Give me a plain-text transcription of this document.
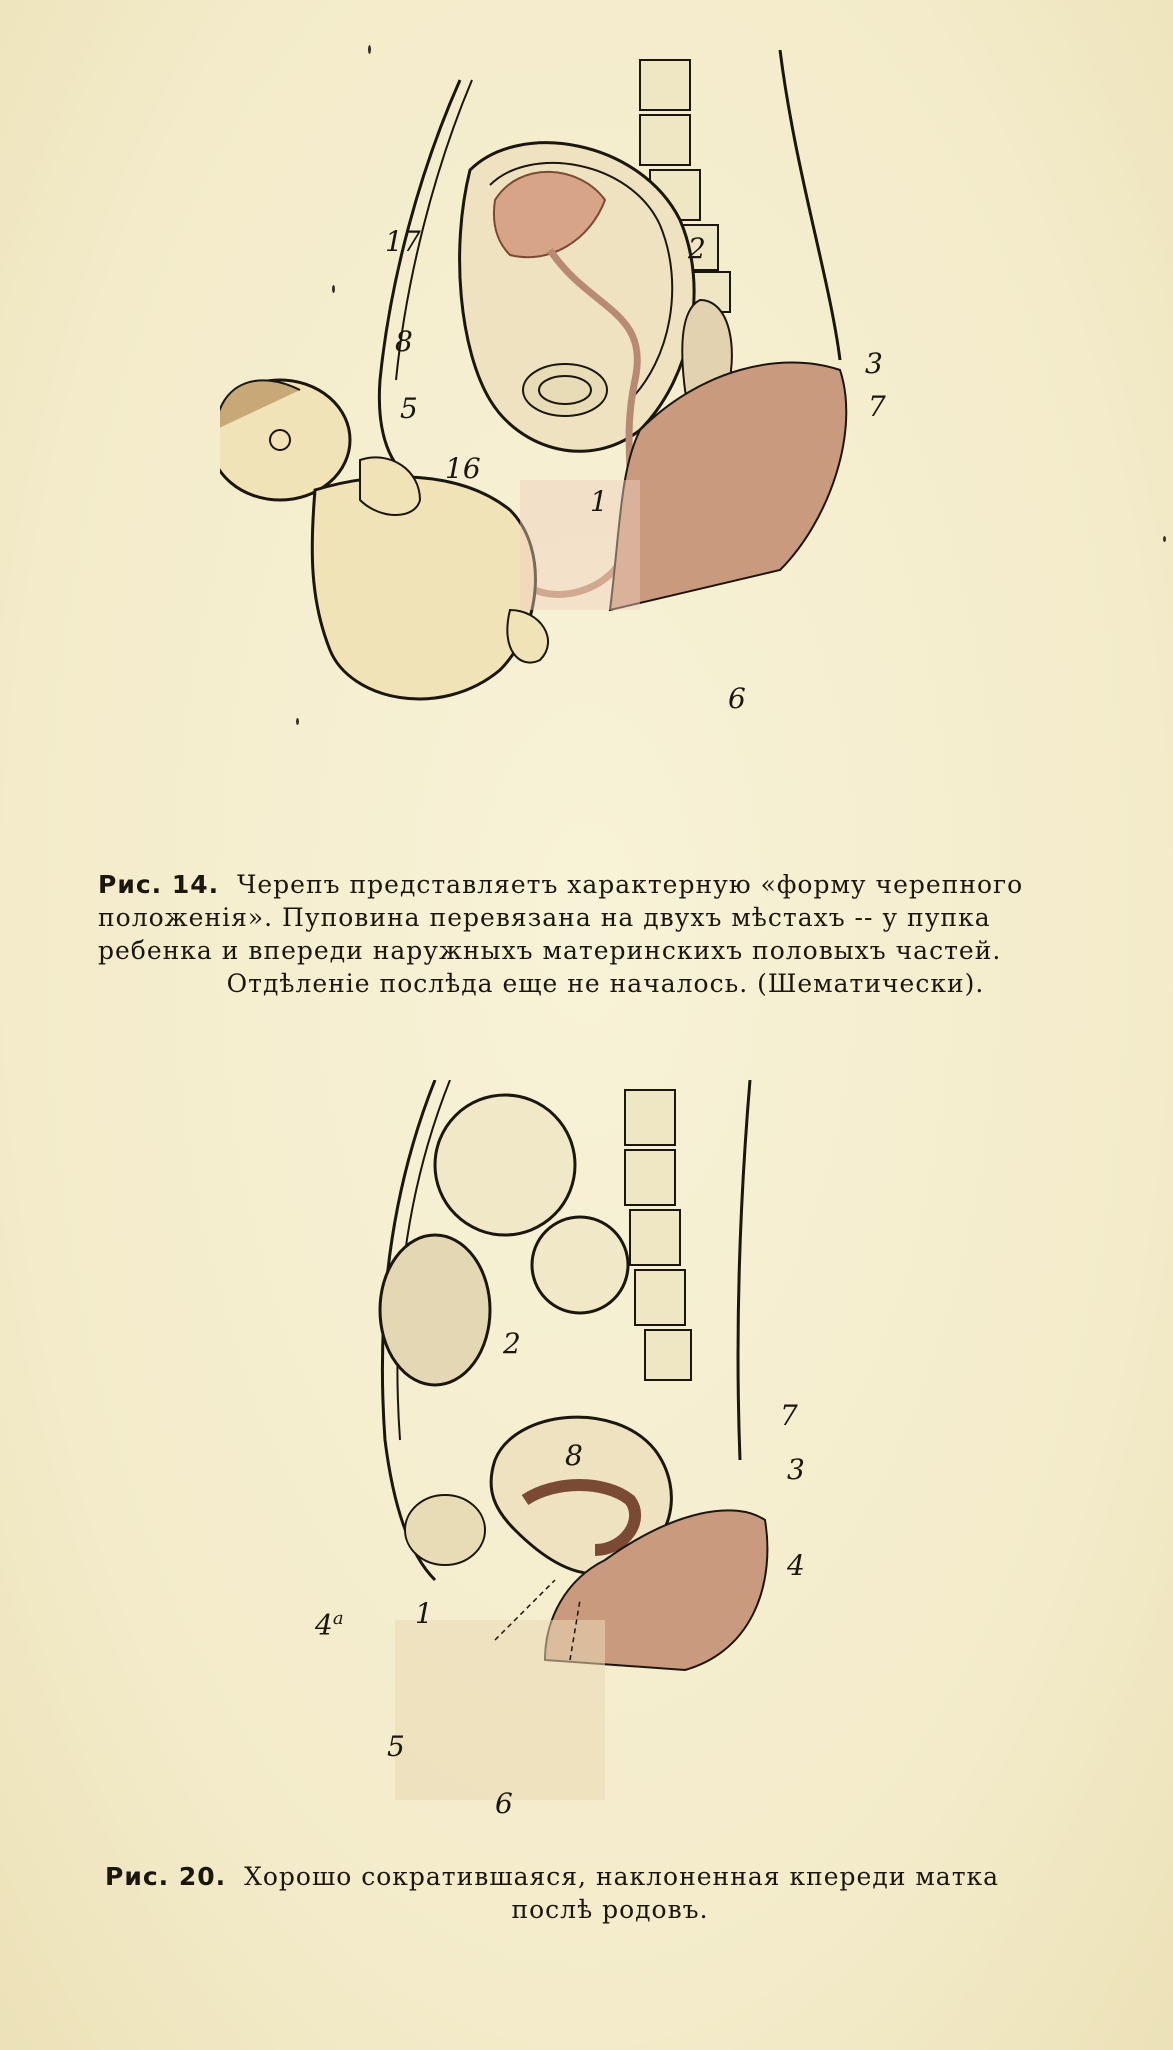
17
8
5
16
2
3
7
1
6
Рис. 14. Черепъ представляетъ характерную «форму черепного
положенія». Пуповина перевязана на двухъ мѣстахъ -- у пупка
ребенка и впереди наружныхъ материнскихъ половыхъ частей.
Отдѣленіе послѣда еще не началось. (Шематически).
2
7
8	3
4
4$^a$	1
5
6
Рис. 20. Хорошо сократившаяся, наклоненная кпереди матка
послѣ родовъ.
